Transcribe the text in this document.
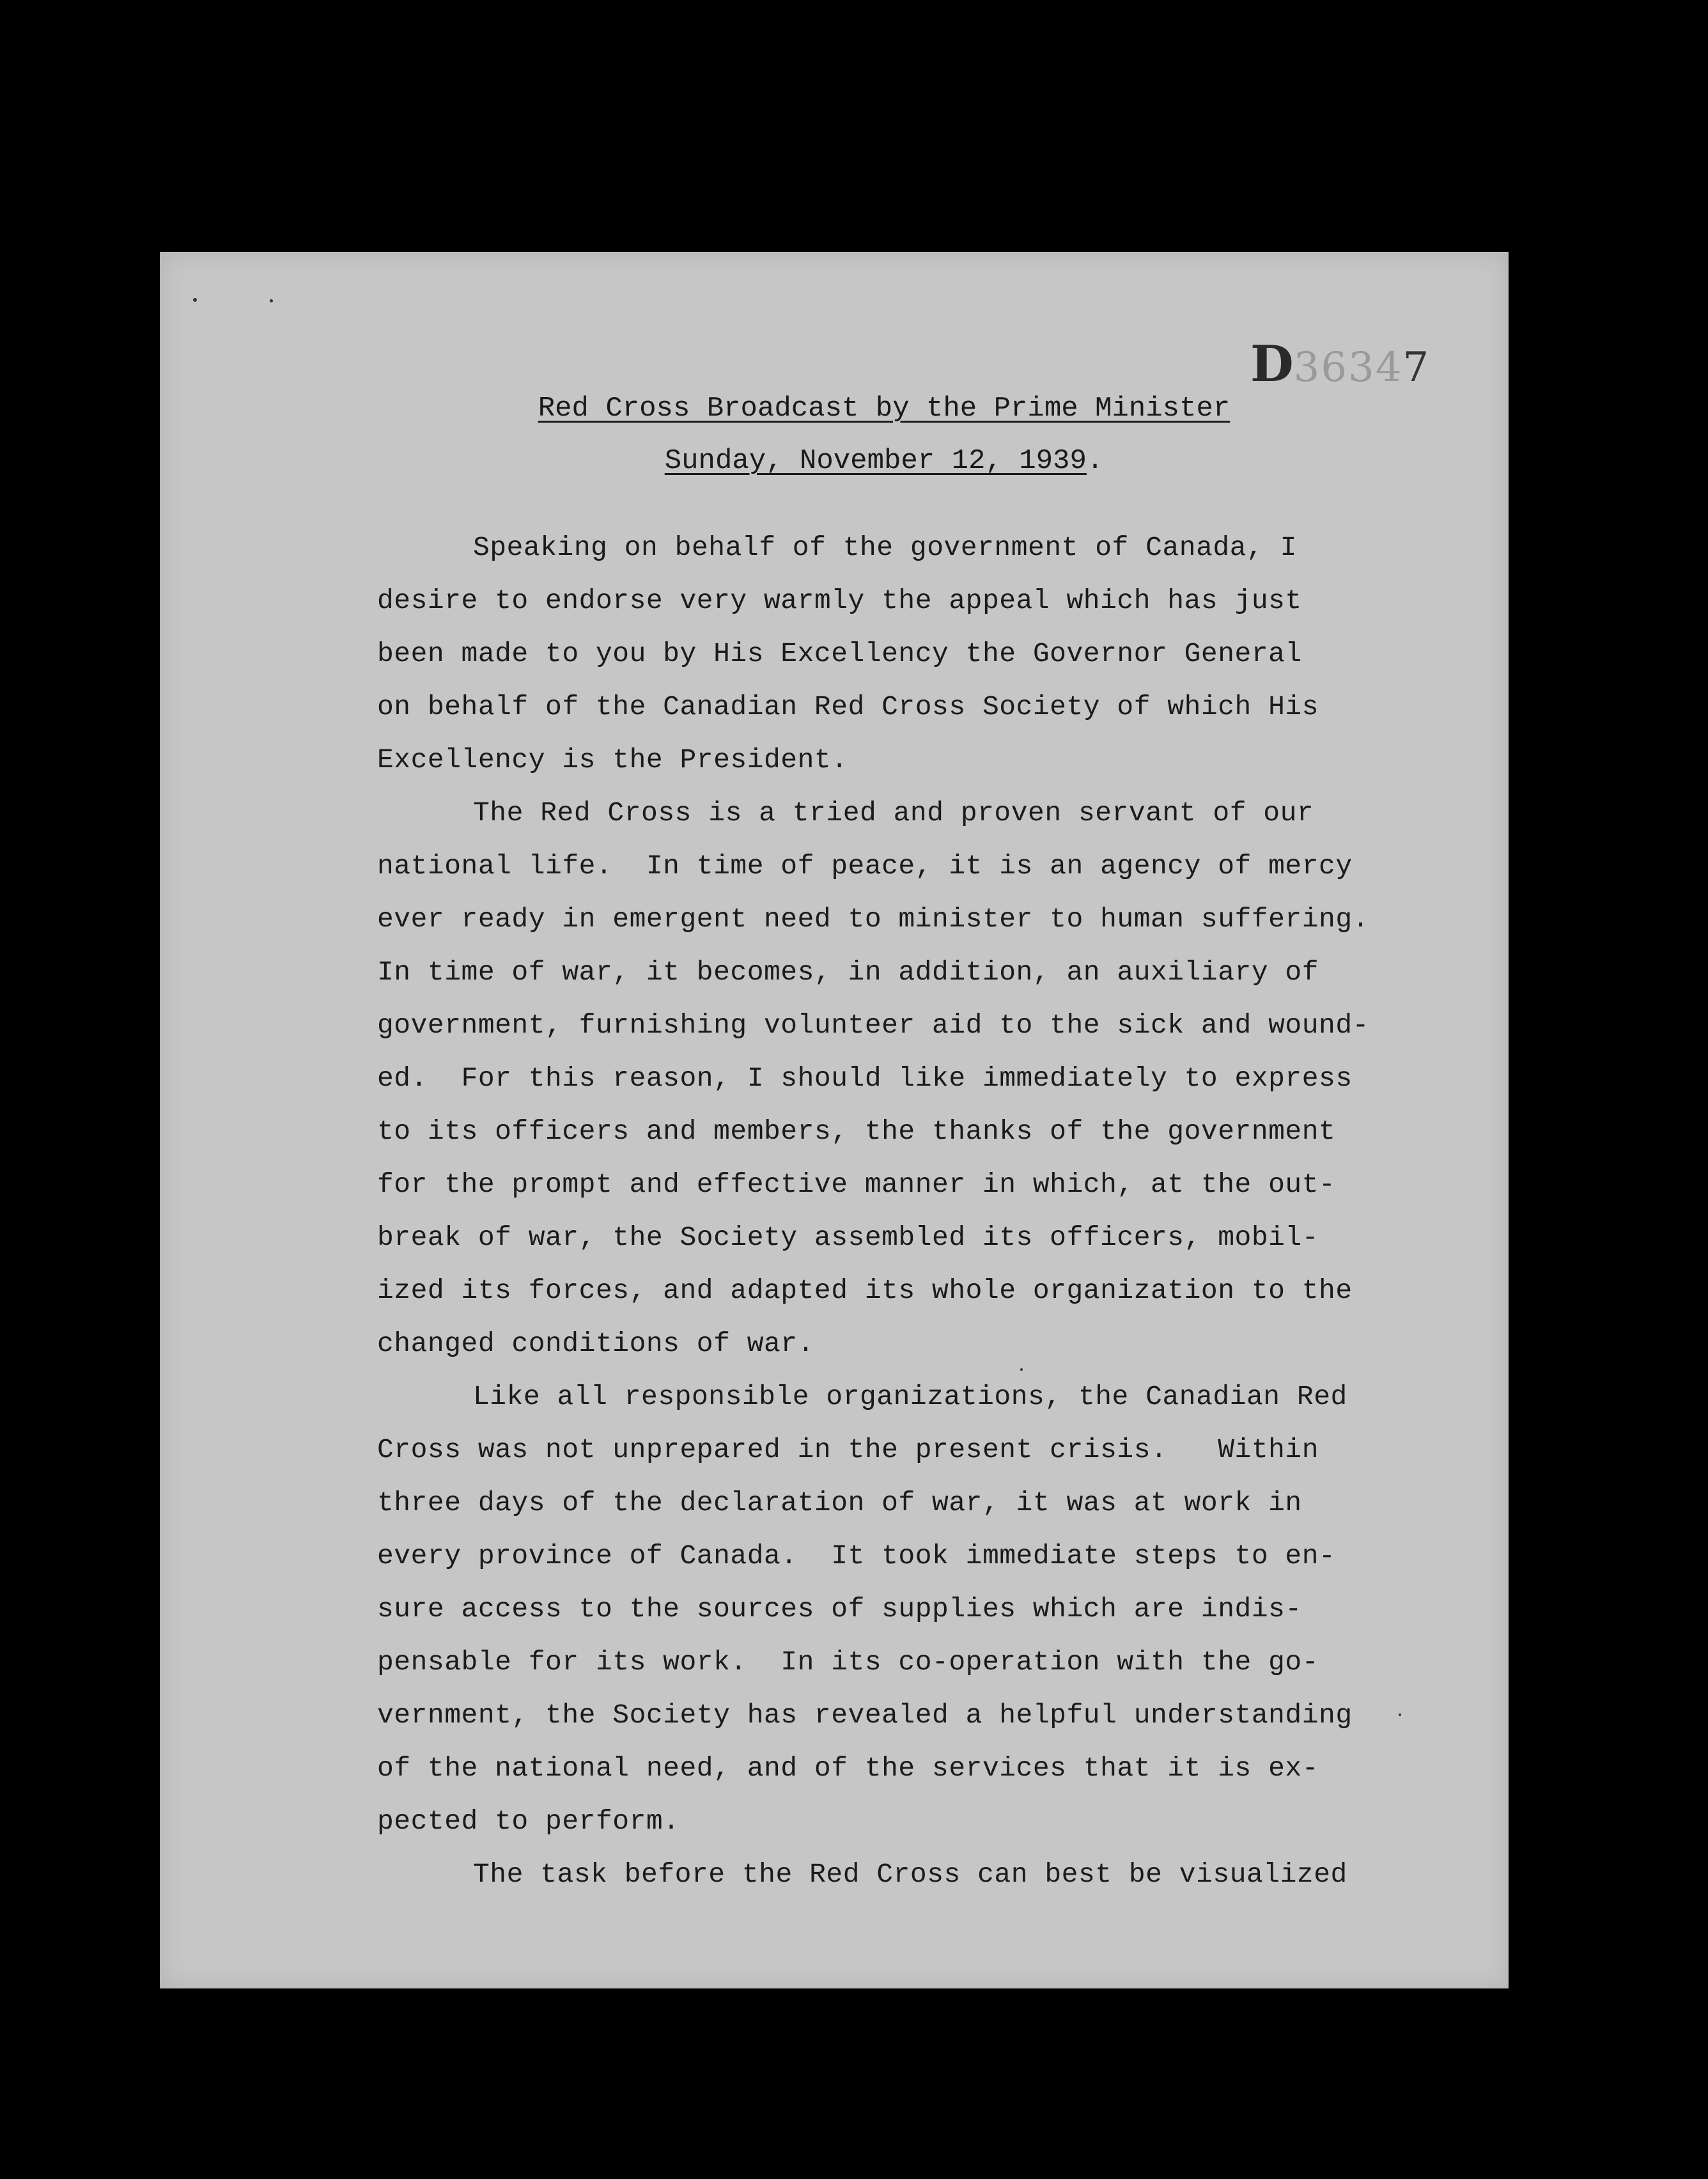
D36347
Red Cross Broadcast by the Prime Minister
Sunday, November 12, 1939.
Speaking on behalf of the government of Canada, I
desire to endorse very warmly the appeal which has just
been made to you by His Excellency the Governor General
on behalf of the Canadian Red Cross Society of which His
Excellency is the President.
The Red Cross is a tried and proven servant of our
national life.  In time of peace, it is an agency of mercy
ever ready in emergent need to minister to human suffering.
In time of war, it becomes, in addition, an auxiliary of
government, furnishing volunteer aid to the sick and wound-
ed.  For this reason, I should like immediately to express
to its officers and members, the thanks of the government
for the prompt and effective manner in which, at the out-
break of war, the Society assembled its officers, mobil-
ized its forces, and adapted its whole organization to the
changed conditions of war.
Like all responsible organizations, the Canadian Red
Cross was not unprepared in the present crisis.   Within
three days of the declaration of war, it was at work in
every province of Canada.  It took immediate steps to en-
sure access to the sources of supplies which are indis-
pensable for its work.  In its co-operation with the go-
vernment, the Society has revealed a helpful understanding
of the national need, and of the services that it is ex-
pected to perform.
The task before the Red Cross can best be visualized
